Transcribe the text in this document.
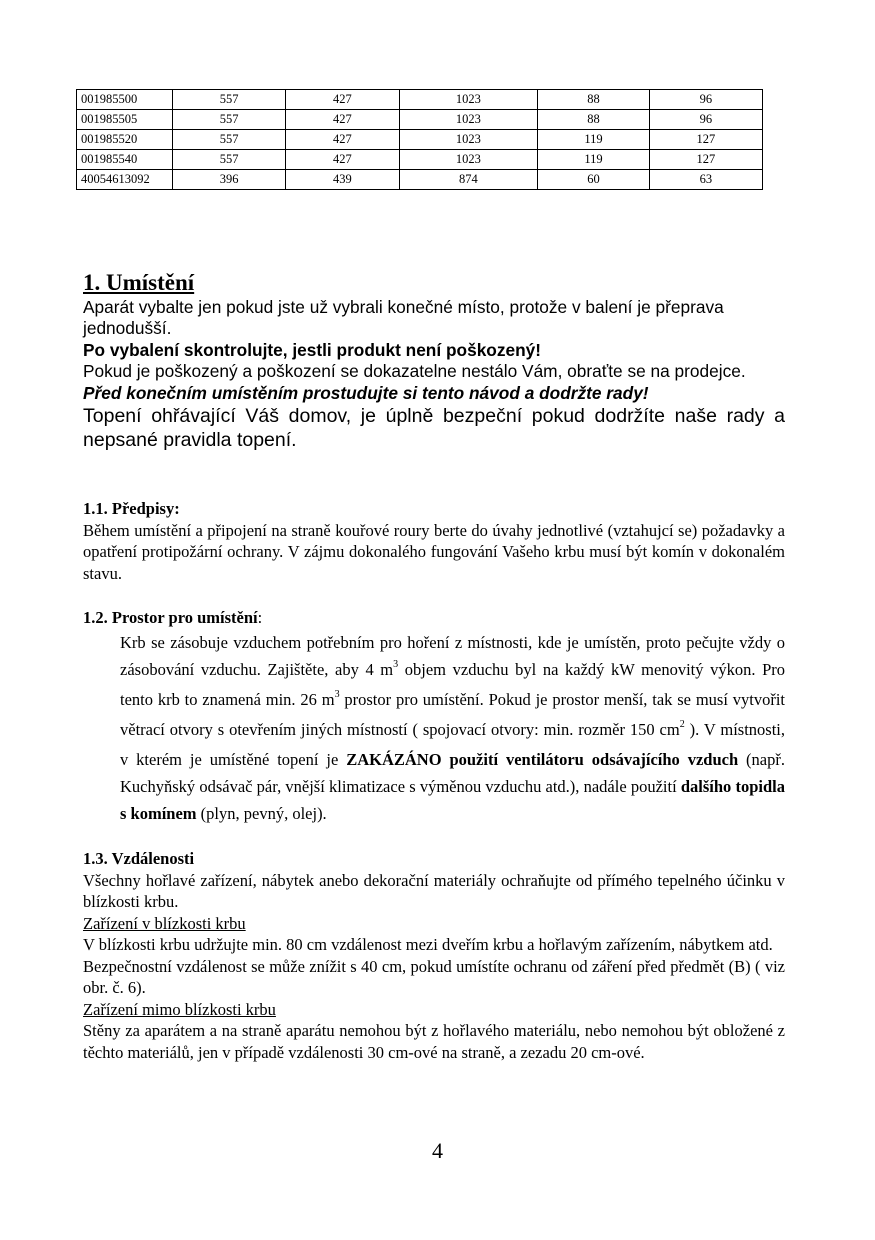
001985500	557	427	1023	88	96
001985505	557	427	1023	88	96
001985520	557	427	1023	119	127
001985540	557	427	1023	119	127
40054613092	396	439	874	60	63
1. Umístění

Aparát vybalte jen pokud jste už vybrali konečné místo, protože v balení je přeprava jednodušší.

Po vybalení skontrolujte, jestli produkt není poškozený!

Pokud je poškozený a poškození se dokazatelne nestálo Vám, obraťte se na prodejce.

Před konečním umístěním prostudujte si tento návod a dodržte rady!

Topení ohřávající Váš domov, je úplně bezpeční pokud dodržíte naše rady a nepsané pravidla topení.

1.1. Předpisy:

Během umístění a připojení na straně kouřové roury berte do úvahy jednotlivé (vztahujcí se) požadavky a opatření protipožární ochrany. V zájmu dokonalého fungování Vašeho krbu musí být komín v dokonalém stavu.

1.2. Prostor pro umístění:

Krb se zásobuje vzduchem potřebním pro hoření z místnosti, kde je umístěn, proto pečujte vždy o zásobování vzduchu. Zajištěte, aby 4 $m^3$ objem vzduchu byl na každý kW menovitý výkon. Pro tento krb to znamená min. 26 $m^3$ prostor pro umístění. Pokud je prostor menší, tak se musí vytvořit větrací otvory s otevřením jiných místností ( spojovací otvory: min. rozměr 150 $cm^2$ ). V místnosti, v kterém je umístěné topení je ZAKÁZÁNO použití ventilátoru odsávajícího vzduch (např. Kuchyňský odsávač pár, vnější klimatizace s výměnou vzduchu atd.), nadále použití dalšího topidla s komínem (plyn, pevný, olej).

1.3. Vzdálenosti

Všechny hořlavé zařízení, nábytek anebo dekorační materiály ochraňujte od přímého tepelného účinku v blízkosti krbu.

Zařízení v blízkosti krbu

V blízkosti krbu udržujte min. 80 cm vzdálenost mezi dveřím krbu a hořlavým zařízením, nábytkem atd.

Bezpečnostní vzdálenost se může znížit s 40 cm, pokud umístíte ochranu od záření před předmět (B) ( viz obr. č. 6).

Zařízení mimo blízkosti krbu

Stěny za aparátem a na straně aparátu nemohou být z hořlavého materiálu, nebo nemohou být obložené z těchto materiálů, jen v případě vzdálenosti 30 cm-ové na straně, a zezadu 20 cm-ové.

4
